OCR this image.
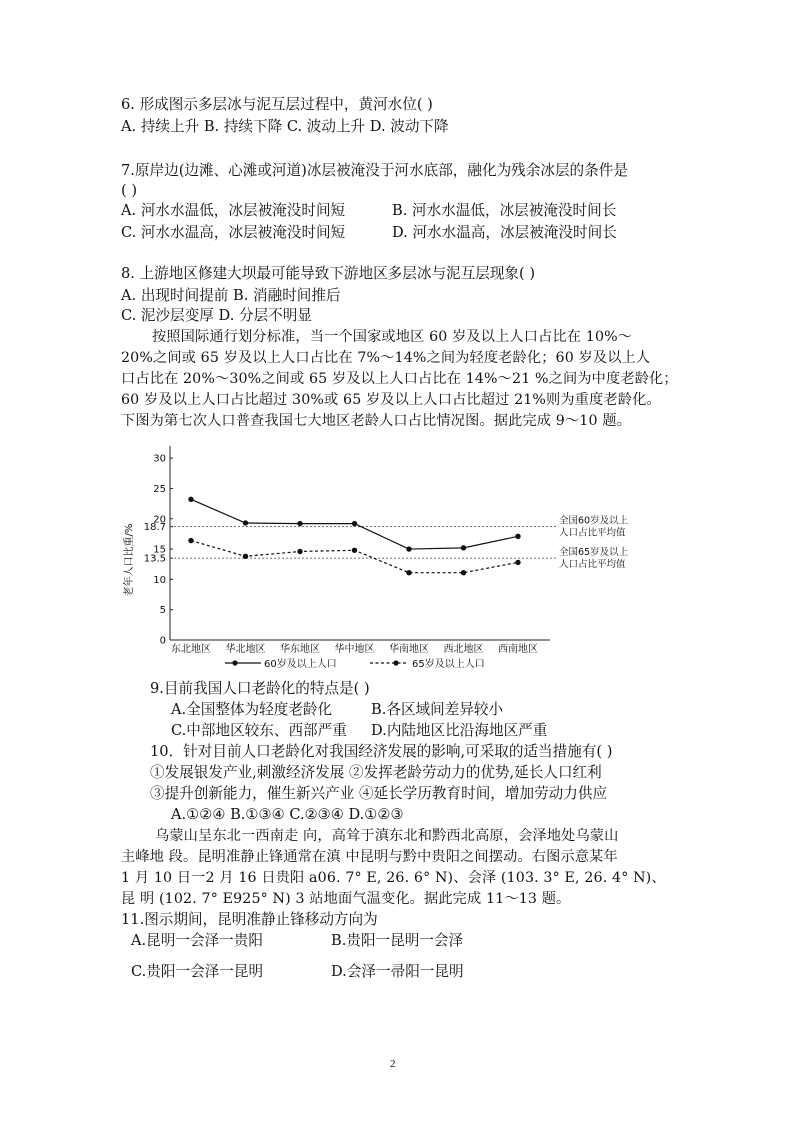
6. 形成图示多层冰与泥互层过程中，黄河水位( )
A. 持续上升 B. 持续下降 C. 波动上升 D. 波动下降
7.原岸边(边滩、心滩或河道)冰层被淹没于河水底部，融化为残余冰层的条件是
( )
A. 河水水温低，冰层被淹没时间短	B. 河水水温低，冰层被淹没时间长
C. 河水水温高，冰层被淹没时间短	D. 河水水温高，冰层被淹没时间长
8. 上游地区修建大坝最可能导致下游地区多层冰与泥互层现象( )
A. 出现时间提前 B. 消融时间推后
C. 泥沙层变厚 D. 分层不明显
按照国际通行划分标准，当一个国家或地区 60 岁及以上人口占比在 10%～
20%之间或 65 岁及以上人口占比在 7%～14%之间为轻度老龄化；60 岁及以上人
口占比在 20%～30%之间或 65 岁及以上人口占比在 14%～21 %之间为中度老龄化；
60 岁及以上人口占比超过 30%或 65 岁及以上人口占比超过 21%则为重度老龄化。
下图为第七次人口普查我国七大地区老龄人口占比情况图。据此完成 9～10 题。
0
5
10
13.5
15
18.7
20
25
30
全国60岁及以上
人口占比平均值
全国65岁及以上
人口占比平均值
东北地区 华北地区 华东地区 华中地区 华南地区 西北地区 西南地区
60岁及以上人口	65岁及以上人口
老年人口比重/%
9.目前我国人口老龄化的特点是( )
A.全国整体为轻度老龄化	B.各区域间差异较小
C.中部地区较东、西部严重 D.内陆地区比沿海地区严重
10．针对目前人口老龄化对我国经济发展的影响,可采取的适当措施有( )
①发展银发产业,刺激经济发展 ②发挥老龄劳动力的优势,延长人口红利
③提升创新能力，催生新兴产业 ④延长学历教育时间，增加劳动力供应
A.①②④ B.①③④ C.②③④ D.①②③
乌蒙山呈东北一西南走 向，高耸于滇东北和黔西北高原，会泽地处乌蒙山
主峰地 段。昆明准静止锋通常在滇 中昆明与黔中贵阳之间摆动。右图示意某年
1 月 10 日一2 月 16 日贵阳 a06. 7° E, 26. 6° N)、会泽 (103. 3° E, 26. 4° N)、
昆 明 (102. 7° E925° N) 3 站地面气温变化。据此完成 11～13 题。
11.图示期间，昆明准静止锋移动方向为
A.昆明一会泽一贵阳	B.贵阳一昆明一会泽
C.贵阳一会泽一昆明	D.会泽一帚阳一昆明
2
